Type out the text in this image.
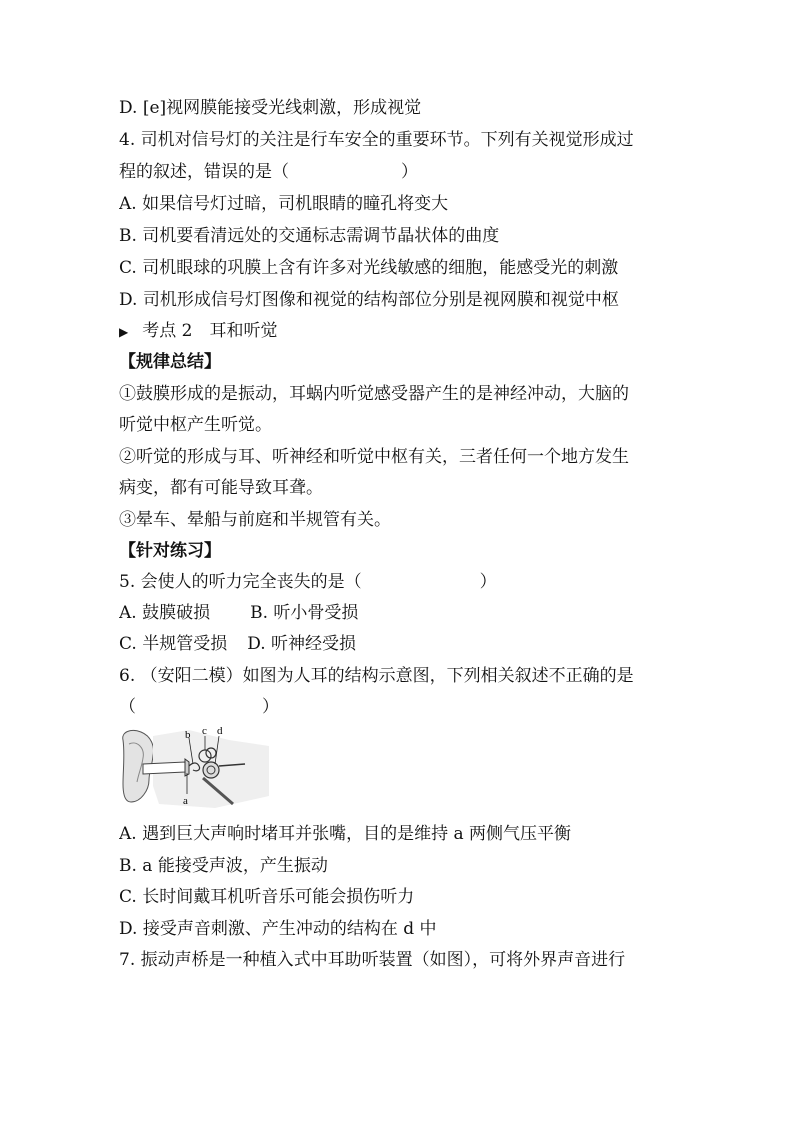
D. [e]视网膜能接受光线刺激，形成视觉
4. 司机对信号灯的关注是行车安全的重要环节。下列有关视觉形成过
程的叙述，错误的是（	）
A. 如果信号灯过暗，司机眼睛的瞳孔将变大
B. 司机要看清远处的交通标志需调节晶状体的曲度
C. 司机眼球的巩膜上含有许多对光线敏感的细胞，能感受光的刺激
D. 司机形成信号灯图像和视觉的结构部位分别是视网膜和视觉中枢
▶ 考点 2　耳和听觉
【规律总结】
①鼓膜形成的是振动，耳蜗内听觉感受器产生的是神经冲动，大脑的
听觉中枢产生听觉。
②听觉的形成与耳、听神经和听觉中枢有关，三者任何一个地方发生
病变，都有可能导致耳聋。
③晕车、晕船与前庭和半规管有关。
【针对练习】
5. 会使人的听力完全丧失的是（	）
A. 鼓膜破损 B. 听小骨受损
C. 半规管受损 D. 听神经受损
6. （安阳二模）如图为人耳的结构示意图，下列相关叙述不正确的是
（	）
a
b c d
A. 遇到巨大声响时堵耳并张嘴，目的是维持 a 两侧气压平衡
B. a 能接受声波，产生振动
C. 长时间戴耳机听音乐可能会损伤听力
D. 接受声音刺激、产生冲动的结构在 d 中
7. 振动声桥是一种植入式中耳助听装置（如图），可将外界声音进行
